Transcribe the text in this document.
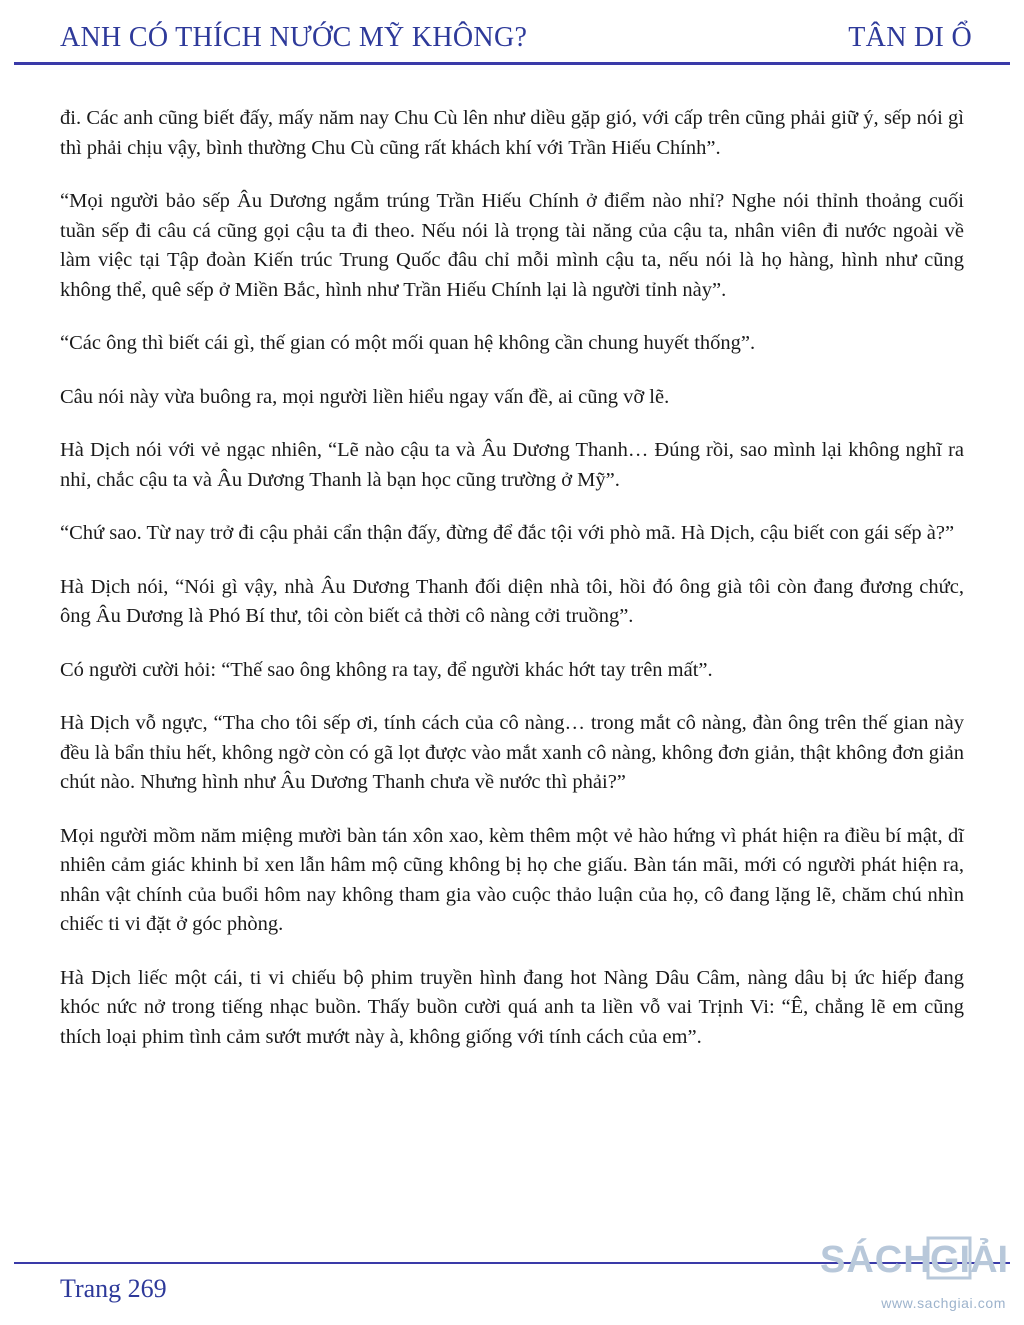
ANH CÓ THÍCH NƯỚC MỸ KHÔNG?	TÂN DI Ổ

đi. Các anh cũng biết đấy, mấy năm nay Chu Cù lên như diều gặp gió, với cấp trên cũng phải giữ ý, sếp nói gì thì phải chịu vậy, bình thường Chu Cù cũng rất khách khí với Trần Hiếu Chính”.

“Mọi người bảo sếp Âu Dương ngắm trúng Trần Hiếu Chính ở điểm nào nhỉ? Nghe nói thỉnh thoảng cuối tuần sếp đi câu cá cũng gọi cậu ta đi theo. Nếu nói là trọng tài năng của cậu ta, nhân viên đi nước ngoài về làm việc tại Tập đoàn Kiến trúc Trung Quốc đâu chỉ mỗi mình cậu ta, nếu nói là họ hàng, hình như cũng không thể, quê sếp ở Miền Bắc, hình như Trần Hiếu Chính lại là người tỉnh này”.

“Các ông thì biết cái gì, thế gian có một mối quan hệ không cần chung huyết thống”.

Câu nói này vừa buông ra, mọi người liền hiểu ngay vấn đề, ai cũng vỡ lẽ.

Hà Dịch nói với vẻ ngạc nhiên, “Lẽ nào cậu ta và Âu Dương Thanh… Đúng rồi, sao mình lại không nghĩ ra nhỉ, chắc cậu ta và Âu Dương Thanh là bạn học cũng trường ở Mỹ”.

“Chứ sao. Từ nay trở đi cậu phải cẩn thận đấy, đừng để đắc tội với phò mã. Hà Dịch, cậu biết con gái sếp à?”

Hà Dịch nói, “Nói gì vậy, nhà Âu Dương Thanh đối diện nhà tôi, hồi đó ông già tôi còn đang đương chức, ông Âu Dương là Phó Bí thư, tôi còn biết cả thời cô nàng cởi truồng”.

Có người cười hỏi: “Thế sao ông không ra tay, để người khác hớt tay trên mất”.

Hà Dịch vỗ ngực, “Tha cho tôi sếp ơi, tính cách của cô nàng… trong mắt cô nàng, đàn ông trên thế gian này đều là bẩn thỉu hết, không ngờ còn có gã lọt được vào mắt xanh cô nàng, không đơn giản, thật không đơn giản chút nào. Nhưng hình như Âu Dương Thanh chưa về nước thì phải?”

Mọi người mồm năm miệng mười bàn tán xôn xao, kèm thêm một vẻ hào hứng vì phát hiện ra điều bí mật, dĩ nhiên cảm giác khinh bỉ xen lẫn hâm mộ cũng không bị họ che giấu. Bàn tán mãi, mới có người phát hiện ra, nhân vật chính của buổi hôm nay không tham gia vào cuộc thảo luận của họ, cô đang lặng lẽ, chăm chú nhìn chiếc ti vi đặt ở góc phòng.

Hà Dịch liếc một cái, ti vi chiếu bộ phim truyền hình đang hot Nàng Dâu Câm, nàng dâu bị ức hiếp đang khóc nức nở trong tiếng nhạc buồn. Thấy buồn cười quá anh ta liền vỗ vai Trịnh Vi: “Ê, chẳng lẽ em cũng thích loại phim tình cảm sướt mướt này à, không giống với tính cách của em”.

Trang 269
SÁCH
GIẢI
www.sachgiai.com
